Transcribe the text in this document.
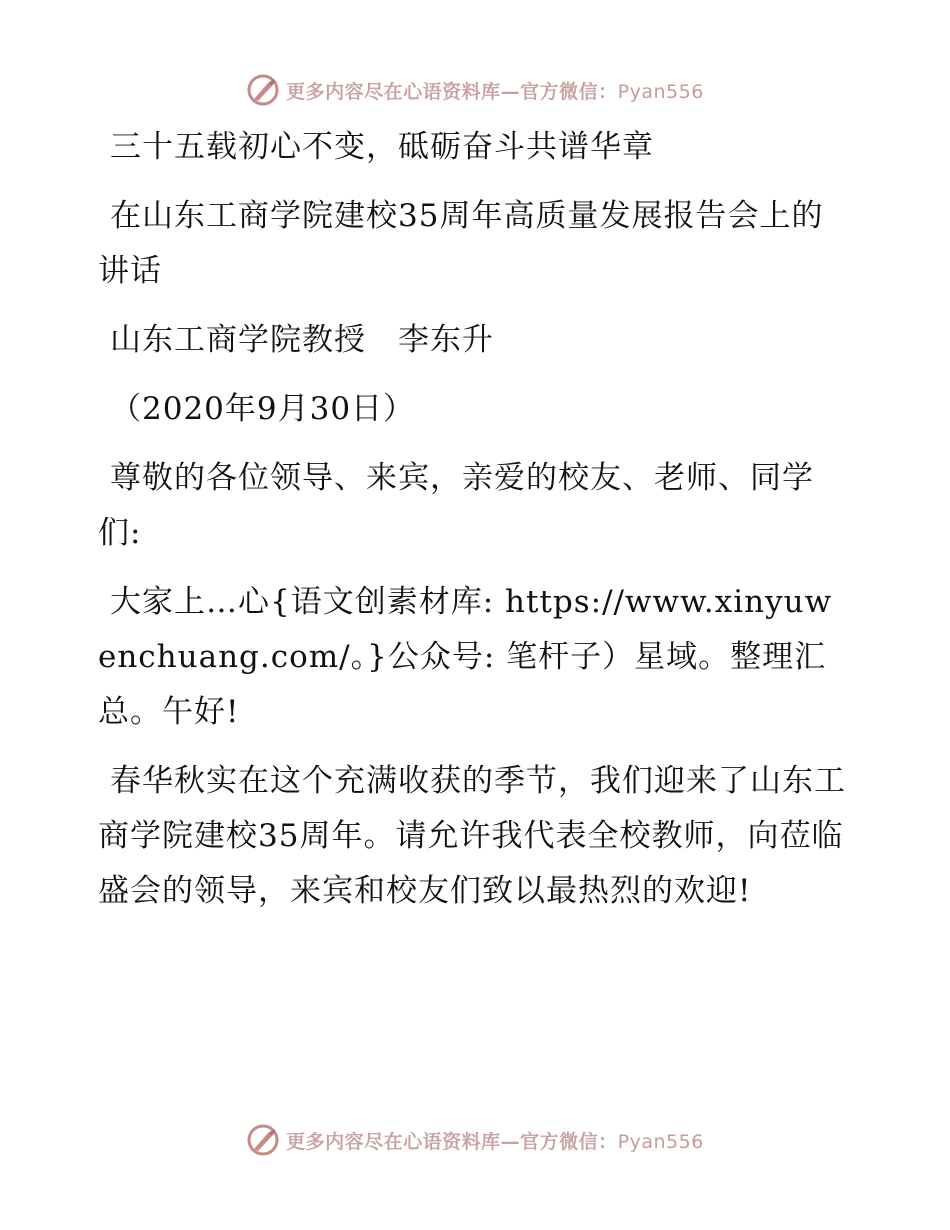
更多内容尽在心语资料库—官方微信：Pyan556

三十五载初心不变，砥砺奋斗共谱华章

在山东工商学院建校35周年高质量发展报告会上的讲话

山东工商学院教授　李东升

（2020年9月30日）

尊敬的各位领导、来宾，亲爱的校友、老师、同学们:

大家上…心{语文创素材库: https://www.xinyuwenchuang.com/。}公众号: 笔杆子）星域。整理汇总。午好!

春华秋实在这个充满收获的季节，我们迎来了山东工商学院建校35周年。请允许我代表全校教师，向莅临盛会的领导，来宾和校友们致以最热烈的欢迎!

更多内容尽在心语资料库—官方微信：Pyan556
